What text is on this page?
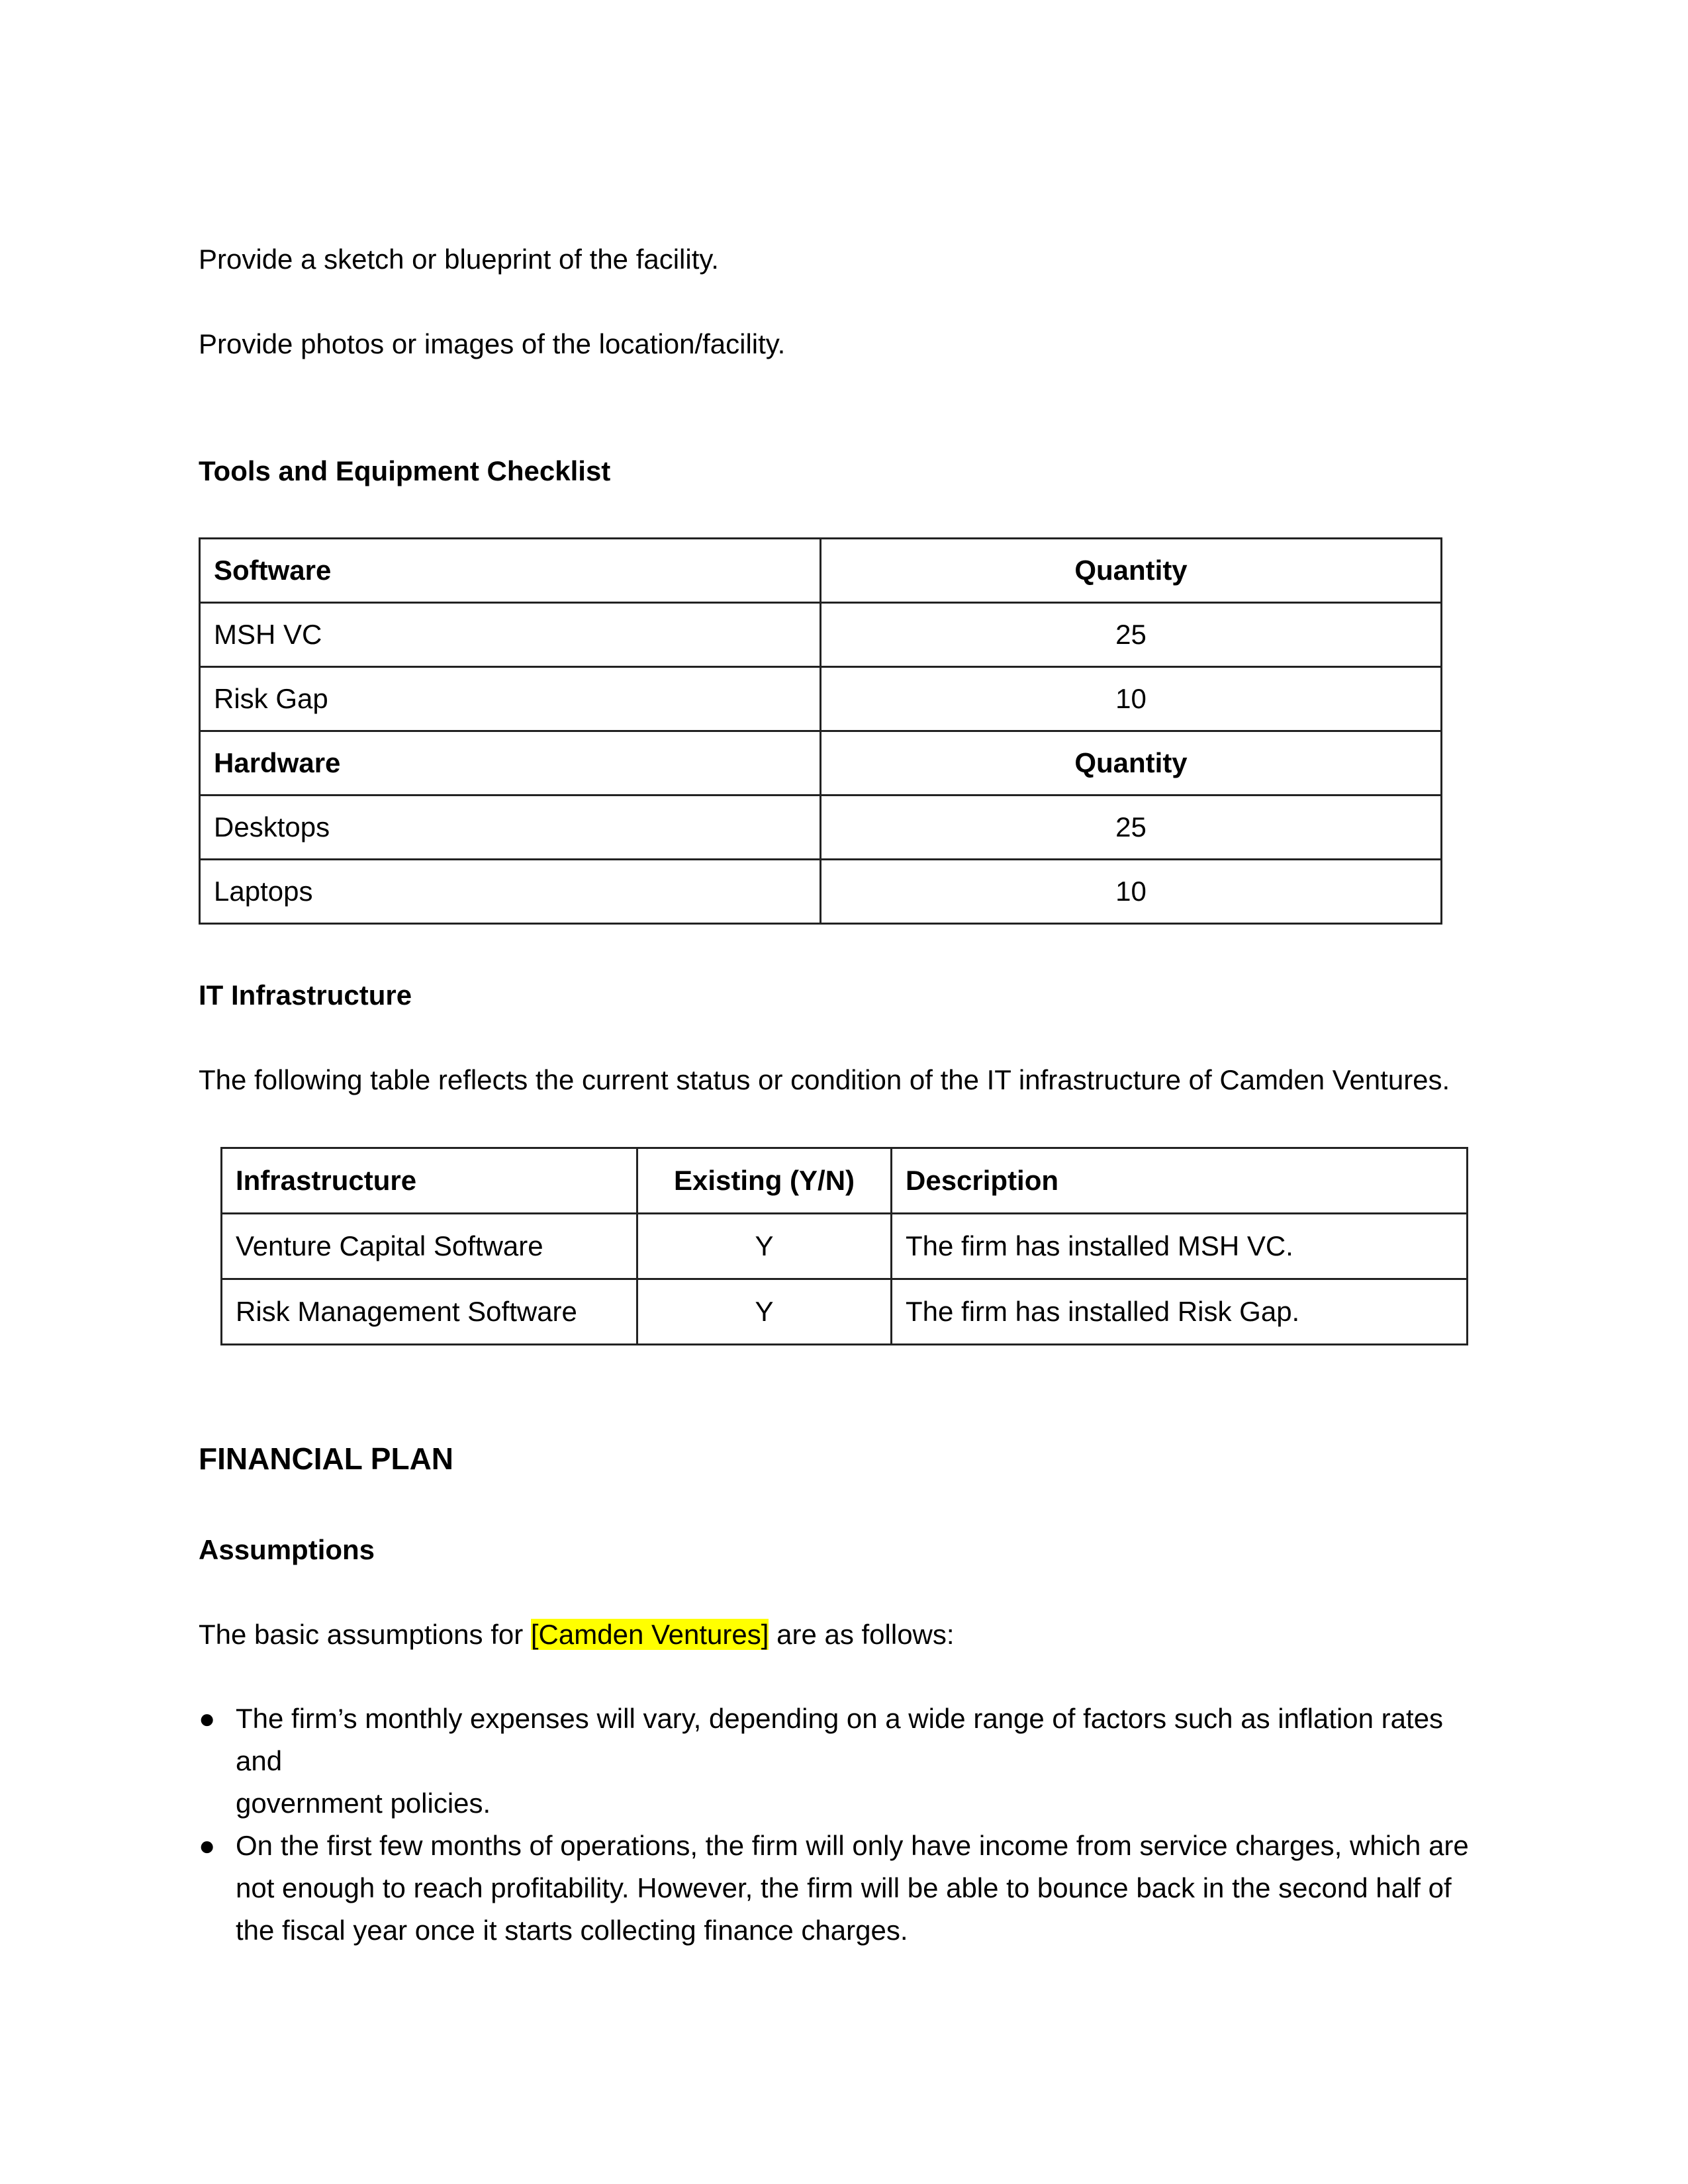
Provide a sketch or blueprint of the facility.

Provide photos or images of the location/facility.

Tools and Equipment Checklist

Software	Quantity
MSH VC	25
Risk Gap	10
Hardware	Quantity
Desktops	25
Laptops	10

IT Infrastructure

The following table reflects the current status or condition of the IT infrastructure of Camden Ventures.

Infrastructure	Existing (Y/N)	Description
Venture Capital Software	Y	The firm has installed MSH VC.
Risk Management Software	Y	The firm has installed Risk Gap.

FINANCIAL PLAN

Assumptions

The basic assumptions for [Camden Ventures] are as follows:

● The firm’s monthly expenses will vary, depending on a wide range of factors such as inflation rates and
government policies.
● On the first few months of operations, the firm will only have income from service charges, which are
not enough to reach profitability. However, the firm will be able to bounce back in the second half of
the fiscal year once it starts collecting finance charges.
